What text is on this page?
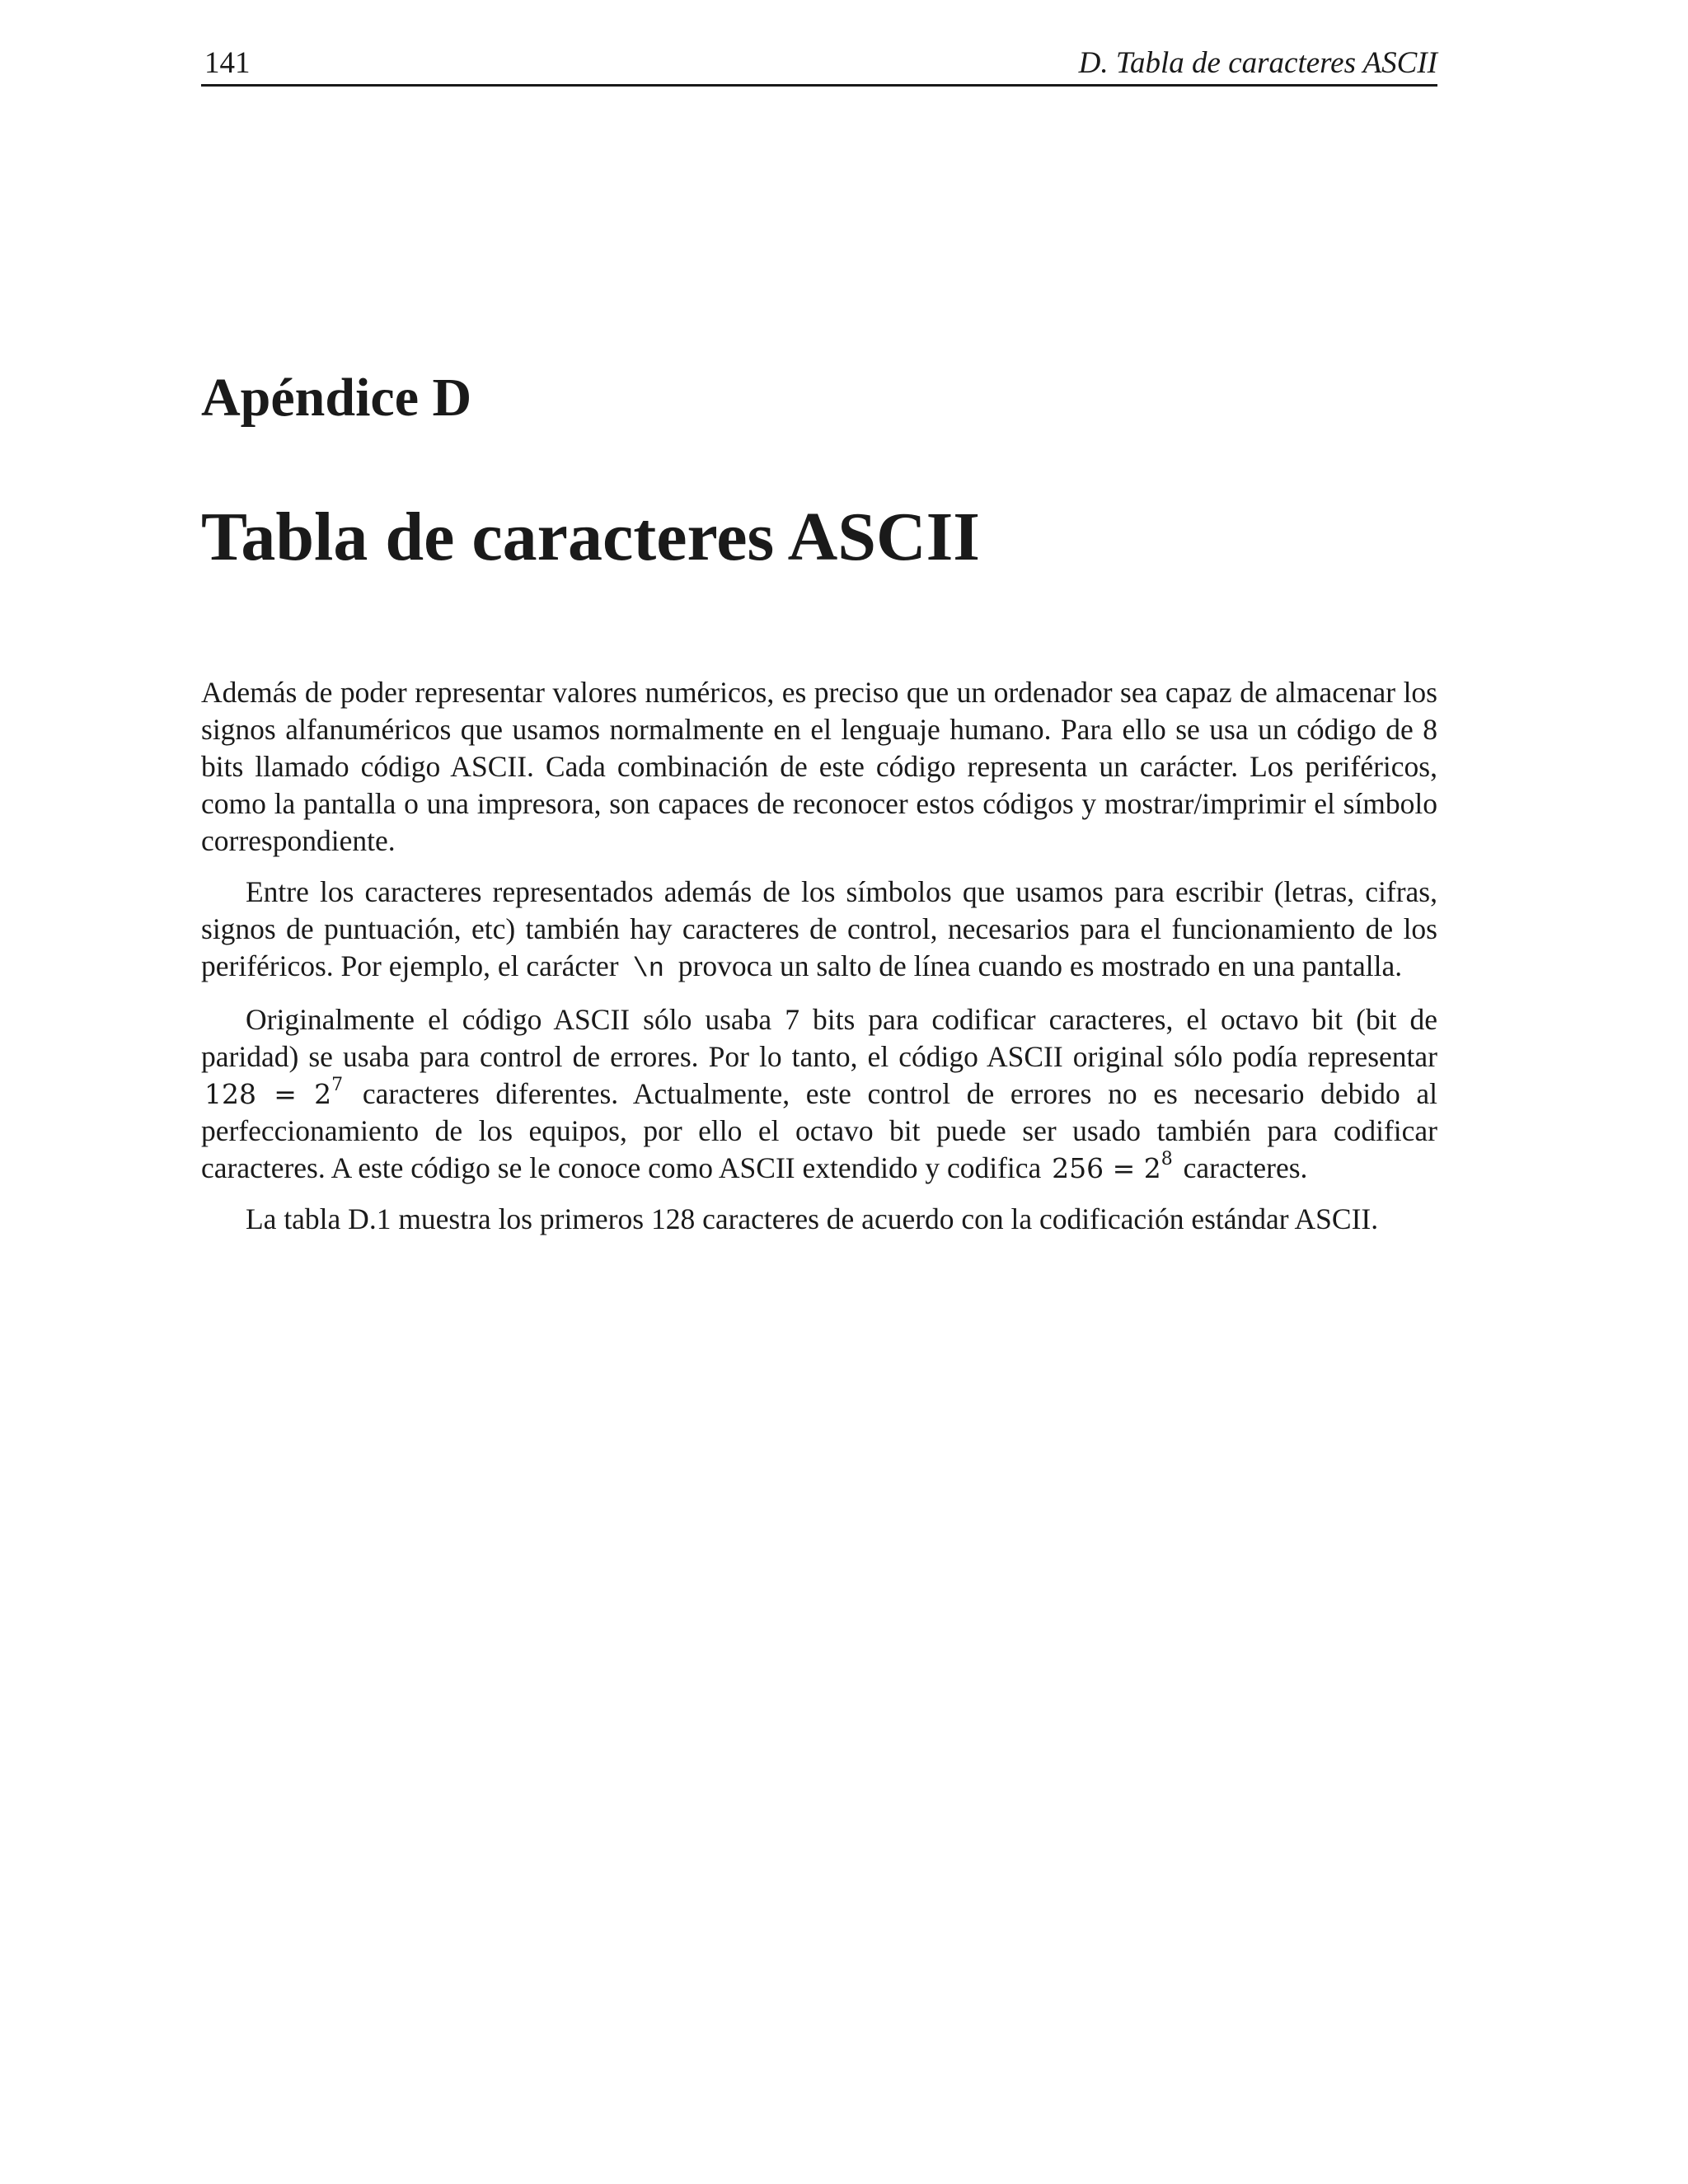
141	D. Tabla de caracteres ASCII
Apéndice D
Tabla de caracteres ASCII

Además de poder representar valores numéricos, es preciso que un ordenador sea capaz de almacenar los signos alfanuméricos que usamos normalmente en el lenguaje humano. Para ello se usa un código de 8 bits llamado código ASCII. Cada combinación de este código representa un carácter. Los periféricos, como la pantalla o una impresora, son capaces de reconocer estos códigos y mostrar/imprimir el símbolo correspondiente.

Entre los caracteres representados además de los símbolos que usamos para escribir (letras, cifras, signos de puntuación, etc) también hay caracteres de control, necesarios para el funcionamiento de los periféricos. Por ejemplo, el carácter \n provoca un salto de línea cuando es mostrado en una pantalla.

Originalmente el código ASCII sólo usaba 7 bits para codificar caracteres, el octavo bit (bit de paridad) se usaba para control de errores. Por lo tanto, el código ASCII original sólo podía representar $128 = 2^7$ caracteres diferentes. Actualmente, este control de errores no es necesario debido al perfeccionamiento de los equipos, por ello el octavo bit puede ser usado también para codificar caracteres. A este código se le conoce como ASCII extendido y codifica $256 = 2^8$ caracteres.

La tabla D.1 muestra los primeros 128 caracteres de acuerdo con la codificación estándar ASCII.
